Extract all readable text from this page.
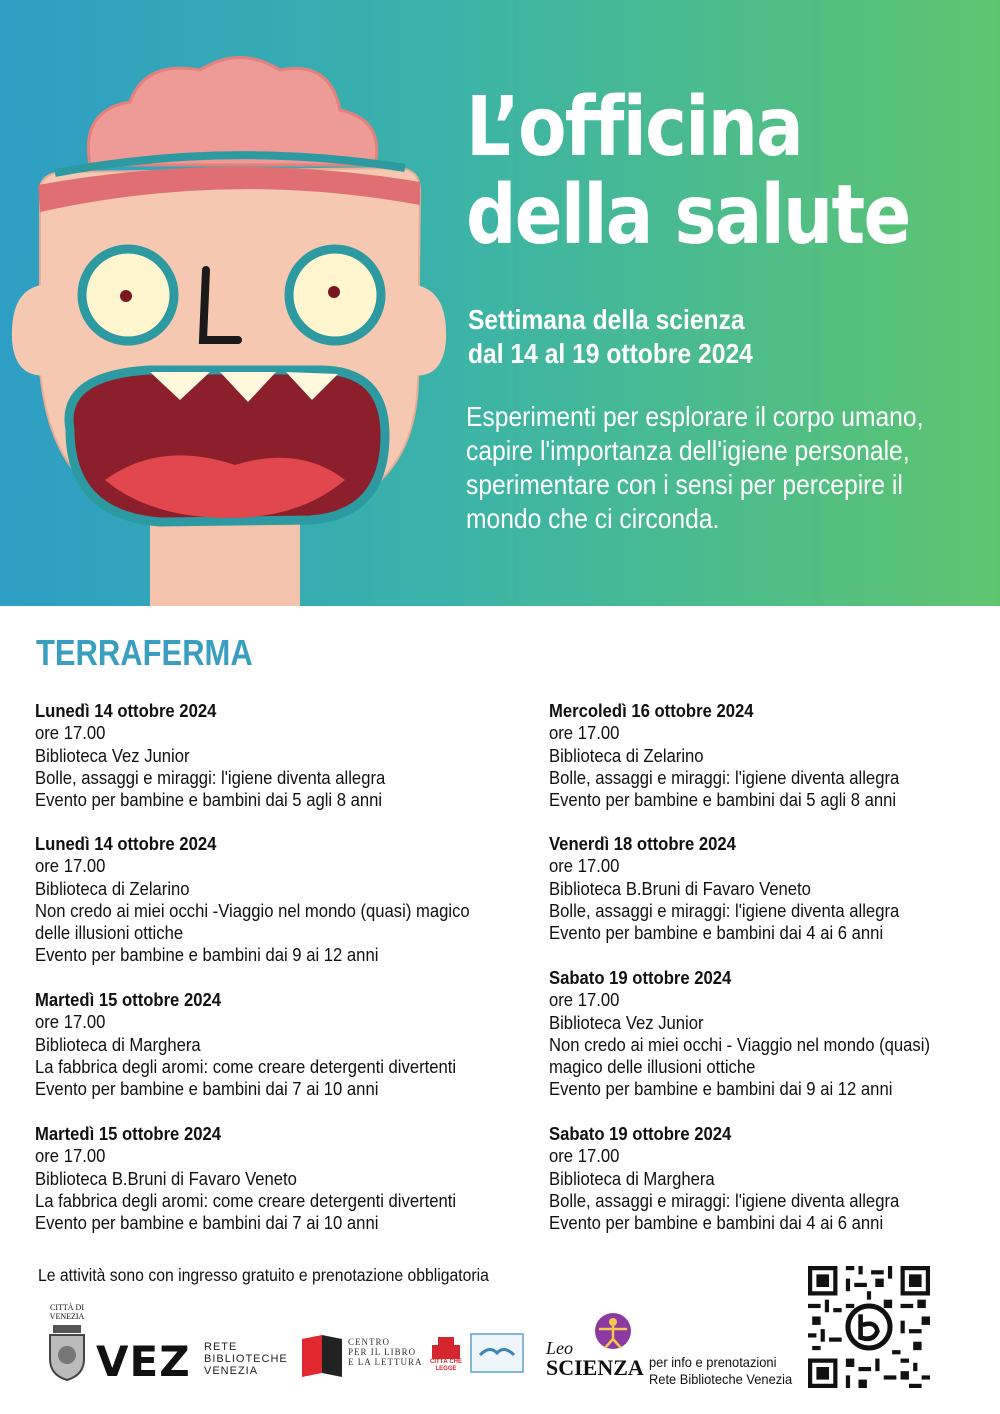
L’officina
della salute
Settimana della scienza
dal 14 al 19 ottobre 2024
Esperimenti per esplorare il corpo umano, capire l'importanza dell'igiene personale, sperimentare con i sensi per percepire il mondo che ci circonda.
TERRAFERMA
Lunedì 14 ottobre 2024
ore 17.00
Biblioteca Vez Junior
Bolle, assaggi e miraggi: l'igiene diventa allegra
Evento per bambine e bambini dai 5 agli 8 anni
Lunedì 14 ottobre 2024
ore 17.00
Biblioteca di Zelarino
Non credo ai miei occhi -Viaggio nel mondo (quasi) magico
delle illusioni ottiche
Evento per bambine e bambini dai 9 ai 12 anni
Martedì 15 ottobre 2024
ore 17.00
Biblioteca di Marghera
La fabbrica degli aromi: come creare detergenti divertenti
Evento per bambine e bambini dai 7 ai 10 anni
Martedì 15 ottobre 2024
ore 17.00
Biblioteca B.Bruni di Favaro Veneto
La fabbrica degli aromi: come creare detergenti divertenti
Evento per bambine e bambini dai 7 ai 10 anni
Mercoledì 16 ottobre 2024
ore 17.00
Biblioteca di Zelarino
Bolle, assaggi e miraggi: l'igiene diventa allegra
Evento per bambine e bambini dai 5 agli 8 anni
Venerdì 18 ottobre 2024
ore 17.00
Biblioteca B.Bruni di Favaro Veneto
Bolle, assaggi e miraggi: l'igiene diventa allegra
Evento per bambine e bambini dai 4 ai 6 anni
Sabato 19 ottobre 2024
ore 17.00
Biblioteca Vez Junior
Non credo ai miei occhi - Viaggio nel mondo (quasi)
magico delle illusioni ottiche
Evento per bambine e bambini dai 9 ai 12 anni
Sabato 19 ottobre 2024
ore 17.00
Biblioteca di Marghera
Bolle, assaggi e miraggi: l'igiene diventa allegra
Evento per bambine e bambini dai 4 ai 6 anni
Le attività sono con ingresso gratuito e prenotazione obbligatoria
CITTÀ DI
VENEZIA
VEZ RETE
BIBLIOTECHE
VENEZIA
CENTRO
PER IL LIBRO
E LA LETTURA	CITTÀ CHE LEGGE
Leo
SCIENZA per info e prenotazioni
Rete Biblioteche Venezia
